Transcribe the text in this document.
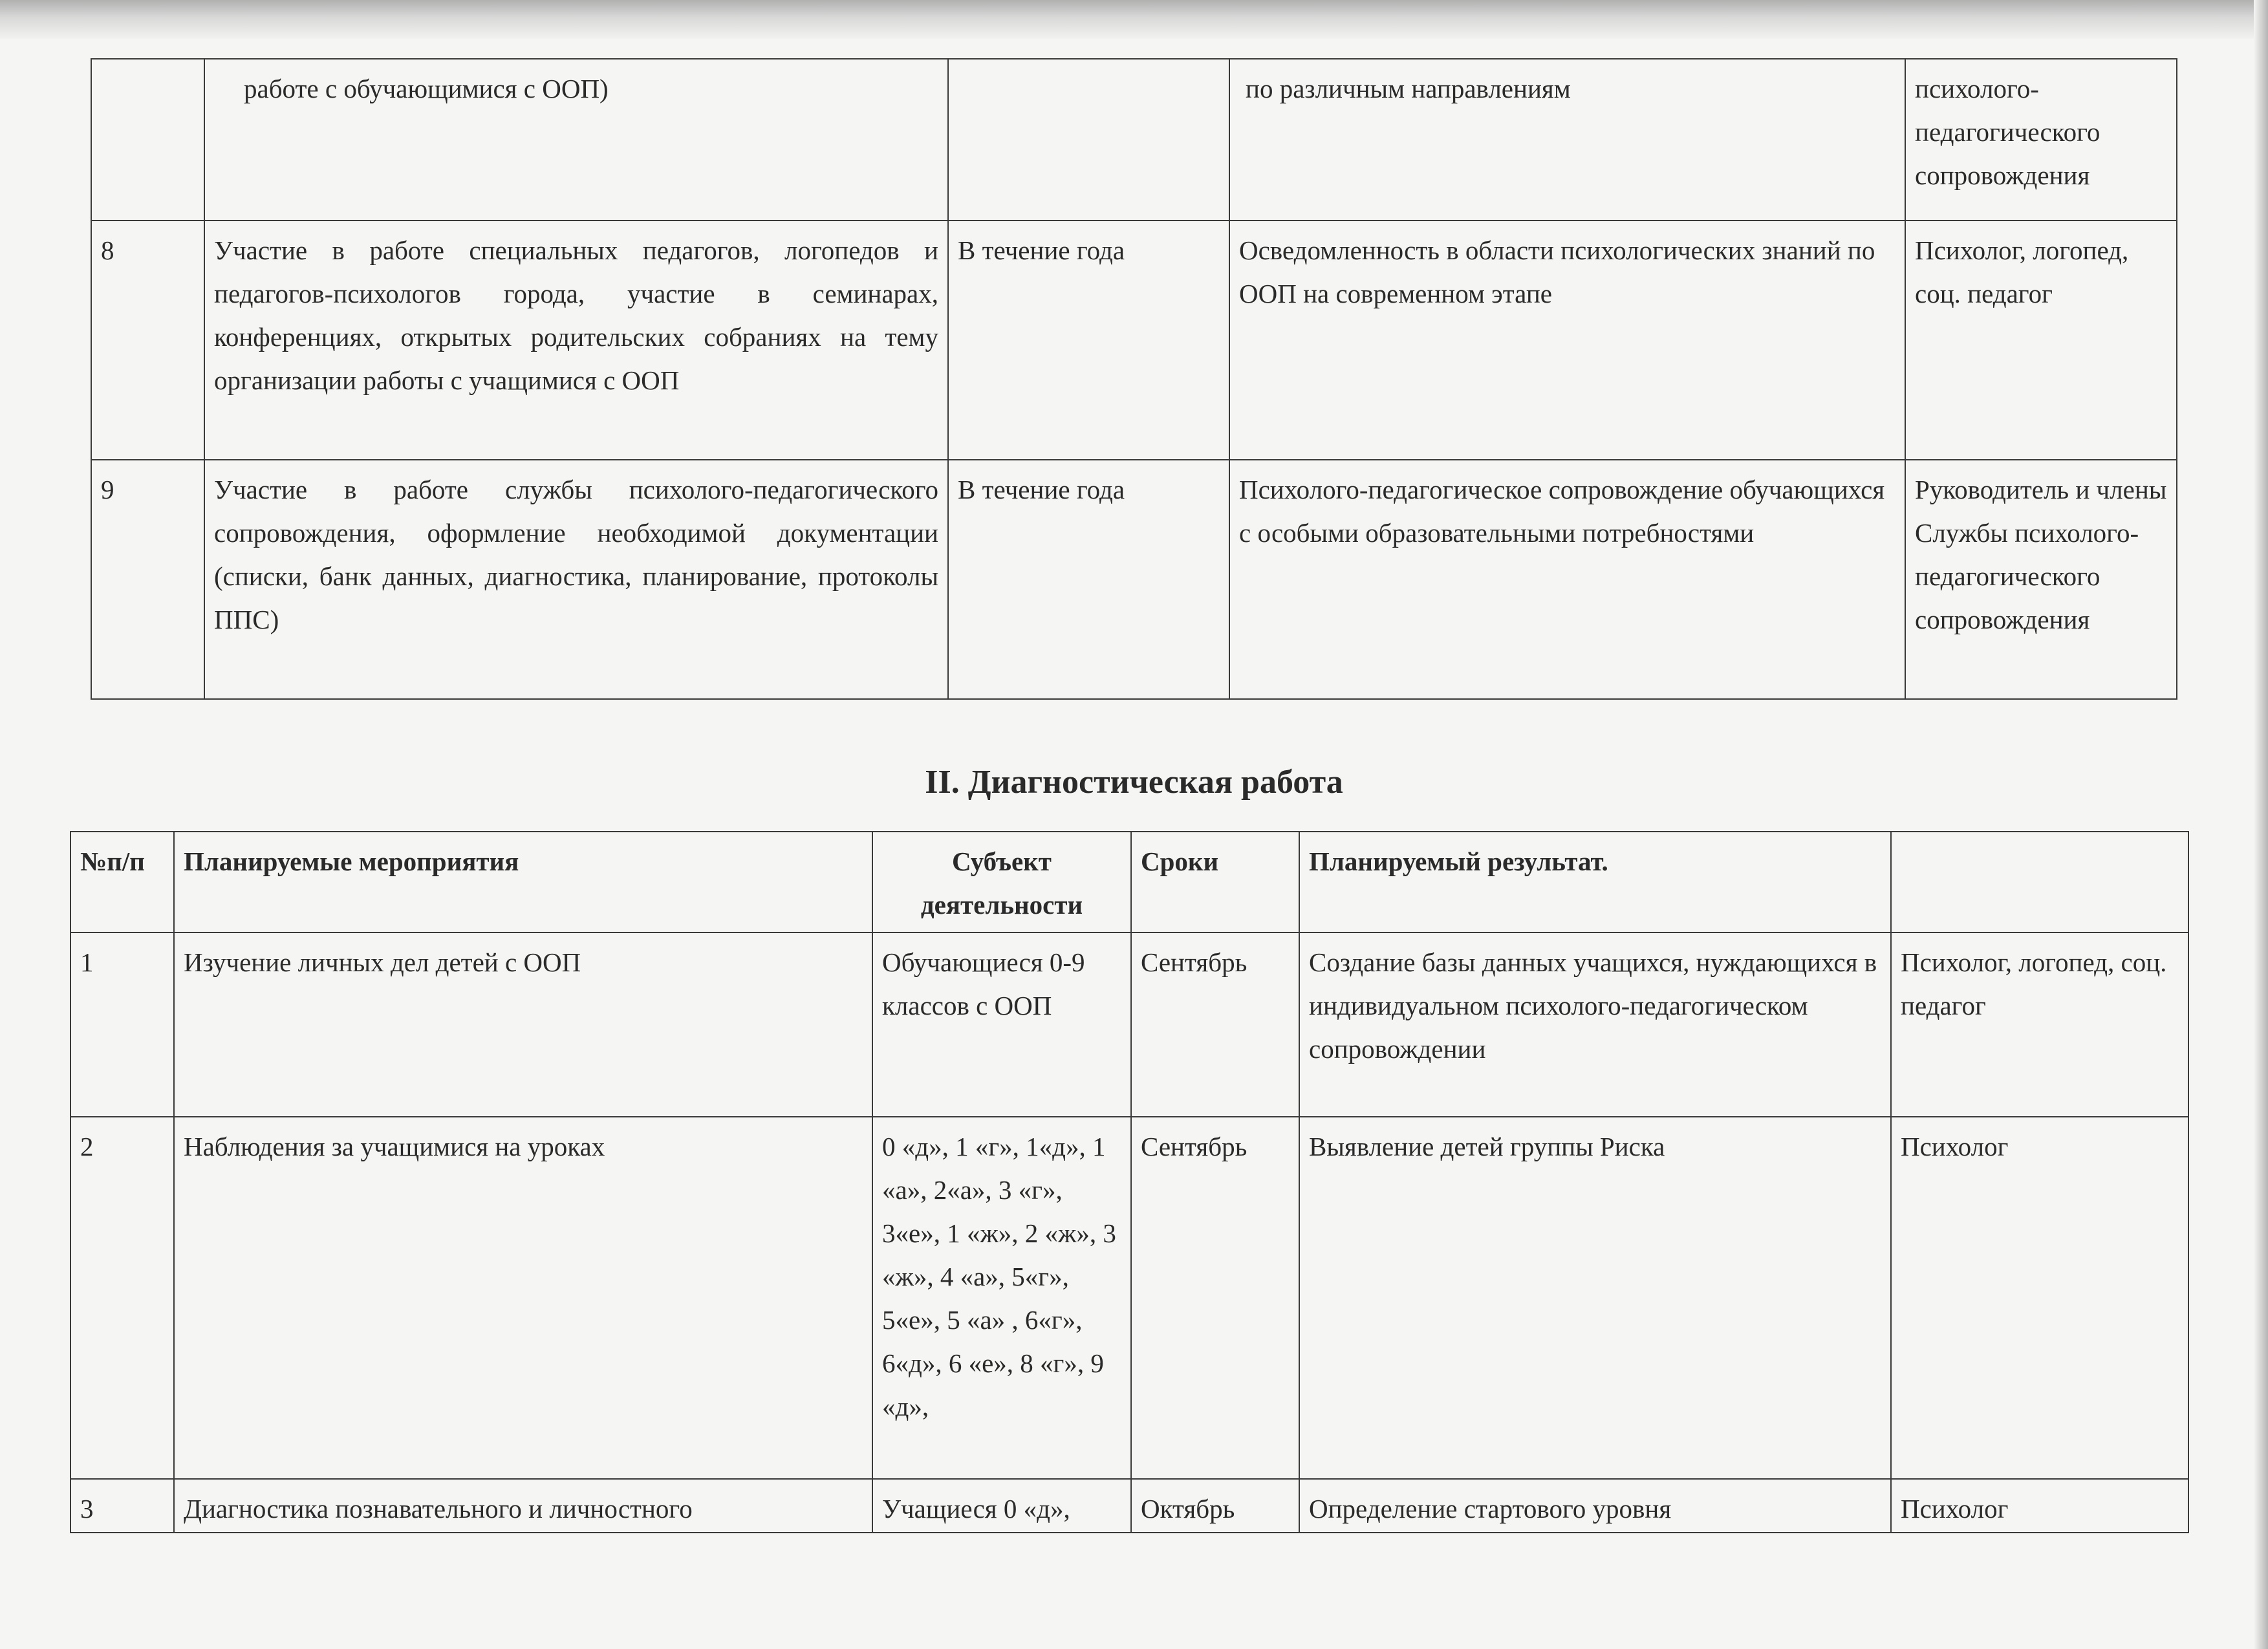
	работе с обучающимися с ООП)		по различным направлениям	психолого-педагогического сопровождения
8	Участие в работе специальных педагогов, логопедов и педагогов-психологов города, участие в семинарах, конференциях, открытых родительских собраниях на тему организации работы с учащимися с ООП	В течение года	Осведомленность в области психологических знаний по ООП на современном этапе	Психолог, логопед, соц. педагог
9	Участие в работе службы психолого-педагогического сопровождения, оформление необходимой документации (списки, банк данных, диагностика, планирование, протоколы ППС)	В течение года	Психолого-педагогическое сопровождение обучающихся с особыми образовательными потребностями	Руководитель и члены Службы психолого-педагогического сопровождения
II. Диагностическая работа
№п/п	Планируемые мероприятия	Субъект деятельности	Сроки	Планируемый результат.	
1	Изучение личных дел детей с ООП	Обучающиеся 0-9 классов с ООП	Сентябрь	Создание базы данных учащихся, нуждающихся в индивидуальном психолого-педагогическом сопровождении	Психолог, логопед, соц. педагог
2	Наблюдения за учащимися на уроках	0 «д», 1 «г», 1«д», 1 «а», 2«а», 3 «г», 3«е», 1 «ж», 2 «ж», 3 «ж», 4 «а», 5«г», 5«е», 5 «а» , 6«г», 6«д», 6 «е», 8 «г», 9 «д»,	Сентябрь	Выявление детей группы Риска	Психолог
3	Диагностика познавательного и личностного	Учащиеся 0 «д»,	Октябрь	Определение стартового уровня	Психолог
